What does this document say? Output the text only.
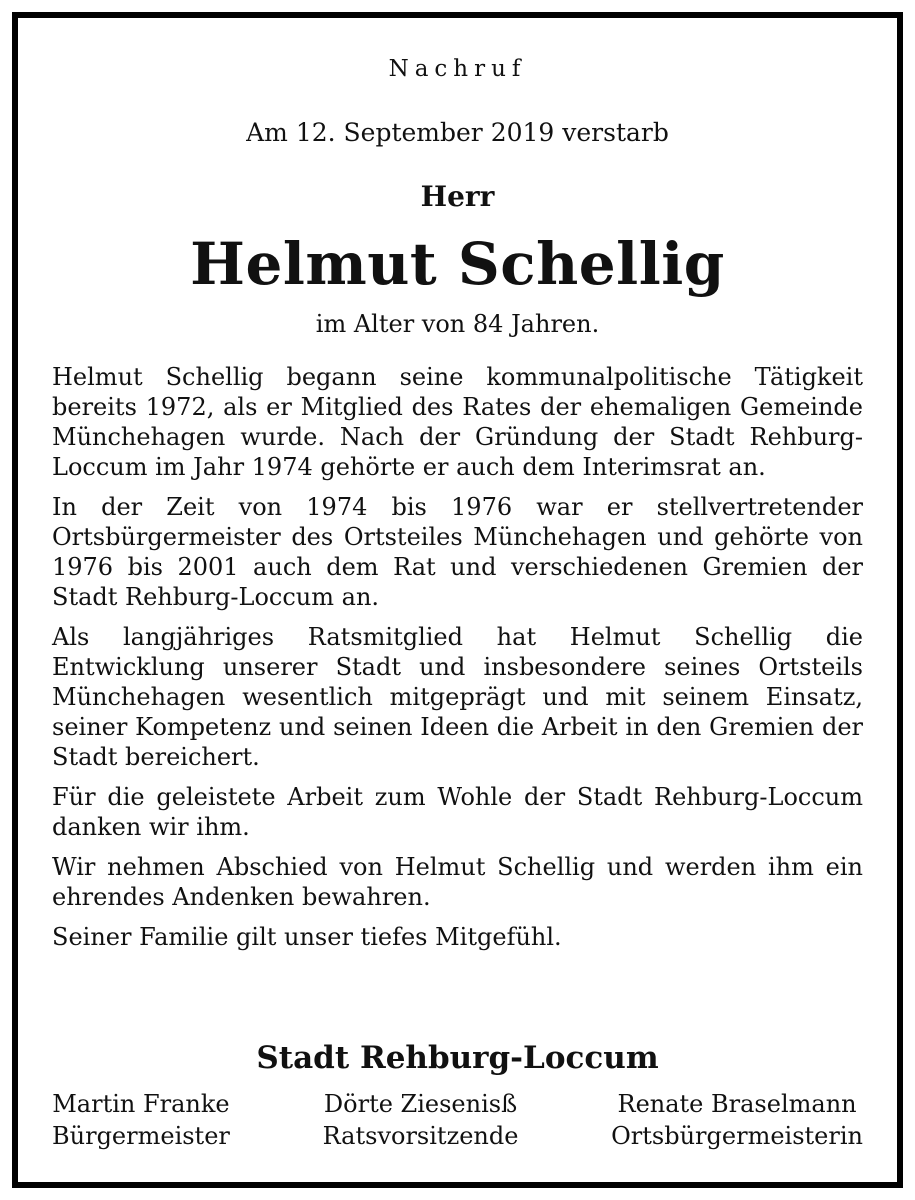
Nachruf
Am 12. September 2019 verstarb
Herr
Helmut Schellig
im Alter von 84 Jahren.

Helmut Schellig begann seine kommunalpolitische Tätigkeit bereits 1972, als er Mitglied des Rates der ehemaligen Gemeinde Münchehagen wurde. Nach der Gründung der Stadt Rehburg-Loccum im Jahr 1974 gehörte er auch dem Interimsrat an.

In der Zeit von 1974 bis 1976 war er stellvertretender Ortsbürgermeister des Ortsteiles Münchehagen und gehörte von 1976 bis 2001 auch dem Rat und verschiedenen Gremien der Stadt Rehburg-Loccum an.

Als langjähriges Ratsmitglied hat Helmut Schellig die Entwicklung unserer Stadt und insbesondere seines Ortsteils Münchehagen wesentlich mitgeprägt und mit seinem Einsatz, seiner Kompetenz und seinen Ideen die Arbeit in den Gremien der Stadt bereichert.

Für die geleistete Arbeit zum Wohle der Stadt Rehburg-Loccum danken wir ihm.

Wir nehmen Abschied von Helmut Schellig und werden ihm ein ehrendes Andenken bewahren.

Seiner Familie gilt unser tiefes Mitgefühl.

Stadt Rehburg-Loccum
Martin Franke
Bürgermeister
Dörte Ziesenisß
Ratsvorsitzende
Renate Braselmann
Ortsbürgermeisterin
